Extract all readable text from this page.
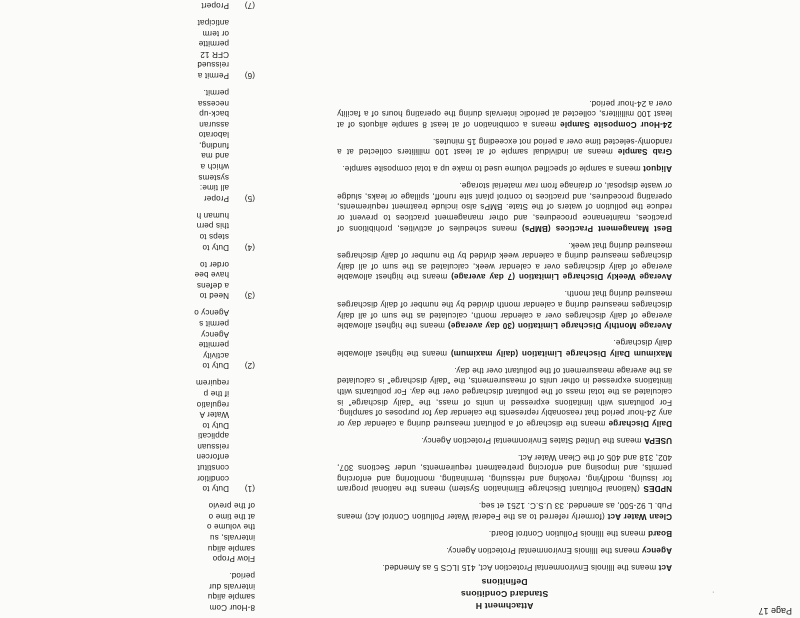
Page 17
,
Attachment H
Standard Conditions
Definitions

Act means the Illinois Environmental Protection Act, 415 ILCS 5 as Amended.

Agency means the Illinois Environmental Protection Agency.

Board means the Illinois Pollution Control Board.

Clean Water Act (formerly referred to as the Federal Water Pollution Control Act) means Pub. L 92-500, as amended. 33 U.S.C. 1251 et seq.

NPDES (National Pollutant Discharge Elimination System) means the national program for issuing, modifying, revoking and reissuing, terminating, monitoring and enforcing permits, and imposing and enforcing pretreatment requirements, under Sections 307, 402, 318 and 405 of the Clean Water Act.

USEPA means the United States Environmental Protection Agency.

Daily Discharge means the discharge of a pollutant measured during a calendar day or any 24-hour period that reasonably represents the calendar day for purposes of sampling. For pollutants with limitations expressed in units of mass, the "daily discharge" is calculated as the total mass of the pollutant discharged over the day. For pollutants with limitations expressed in other units of measurements, the "daily discharge" is calculated as the average measurement of the pollutant over the day.

Maximum Daily Discharge Limitation (daily maximum) means the highest allowable daily discharge.

Average Monthly Discharge Limitation (30 day average) means the highest allowable average of daily discharges over a calendar month, calculated as the sum of all daily discharges measured during a calendar month divided by the number of daily discharges measured during that month.

Average Weekly Discharge Limitation (7 day average) means the highest allowable average of daily discharges over a calendar week, calculated as the sum of all daily discharges measured during a calendar week divided by the number of daily discharges measured during that week.

Best Management Practices (BMPs) means schedules of activities, prohibitions of practices, maintenance procedures, and other management practices to prevent or reduce the pollution of waters of the State. BMPs also include treatment requirements, operating procedures, and practices to control plant site runoff, spillage or leaks, sludge or waste disposal, or drainage from raw material storage.

Aliquot means a sample of specified volume used to make up a total composite sample.

Grab Sample means an individual sample of at least 100 milliliters collected at a randomly-selected time over a period not exceeding 15 minutes.

24-Hour Composite Sample means a combination of at least 8 sample aliquots of at least 100 milliliters, collected at periodic intervals during the operating hours of a facility over a 24-hour period.

8-Hour Com
sample aliqu
intervals dur
period.
Flow Propo
sample aliqu
intervals, su
the volume o
at the time o
of the previo
(1)
Duty to
conditior
constitut
enforcen
reissuan
applicati
Duty to
Water A
regulatio
if the p
requirem
(2)
Duty to
activity
permitte
Agency
permit s
Agency o
(3)
Need to
a defens
have bee
order to
(4)
Duty to
steps to
this pern
human h
(5)
Proper
all time:
systems
which a
and ma
funding,
laborato
assuran
back-up
necessa
permit.
(6)
Permit a
reissued
CFR 12
permitte
or term
anticipat
(7)
Propert
